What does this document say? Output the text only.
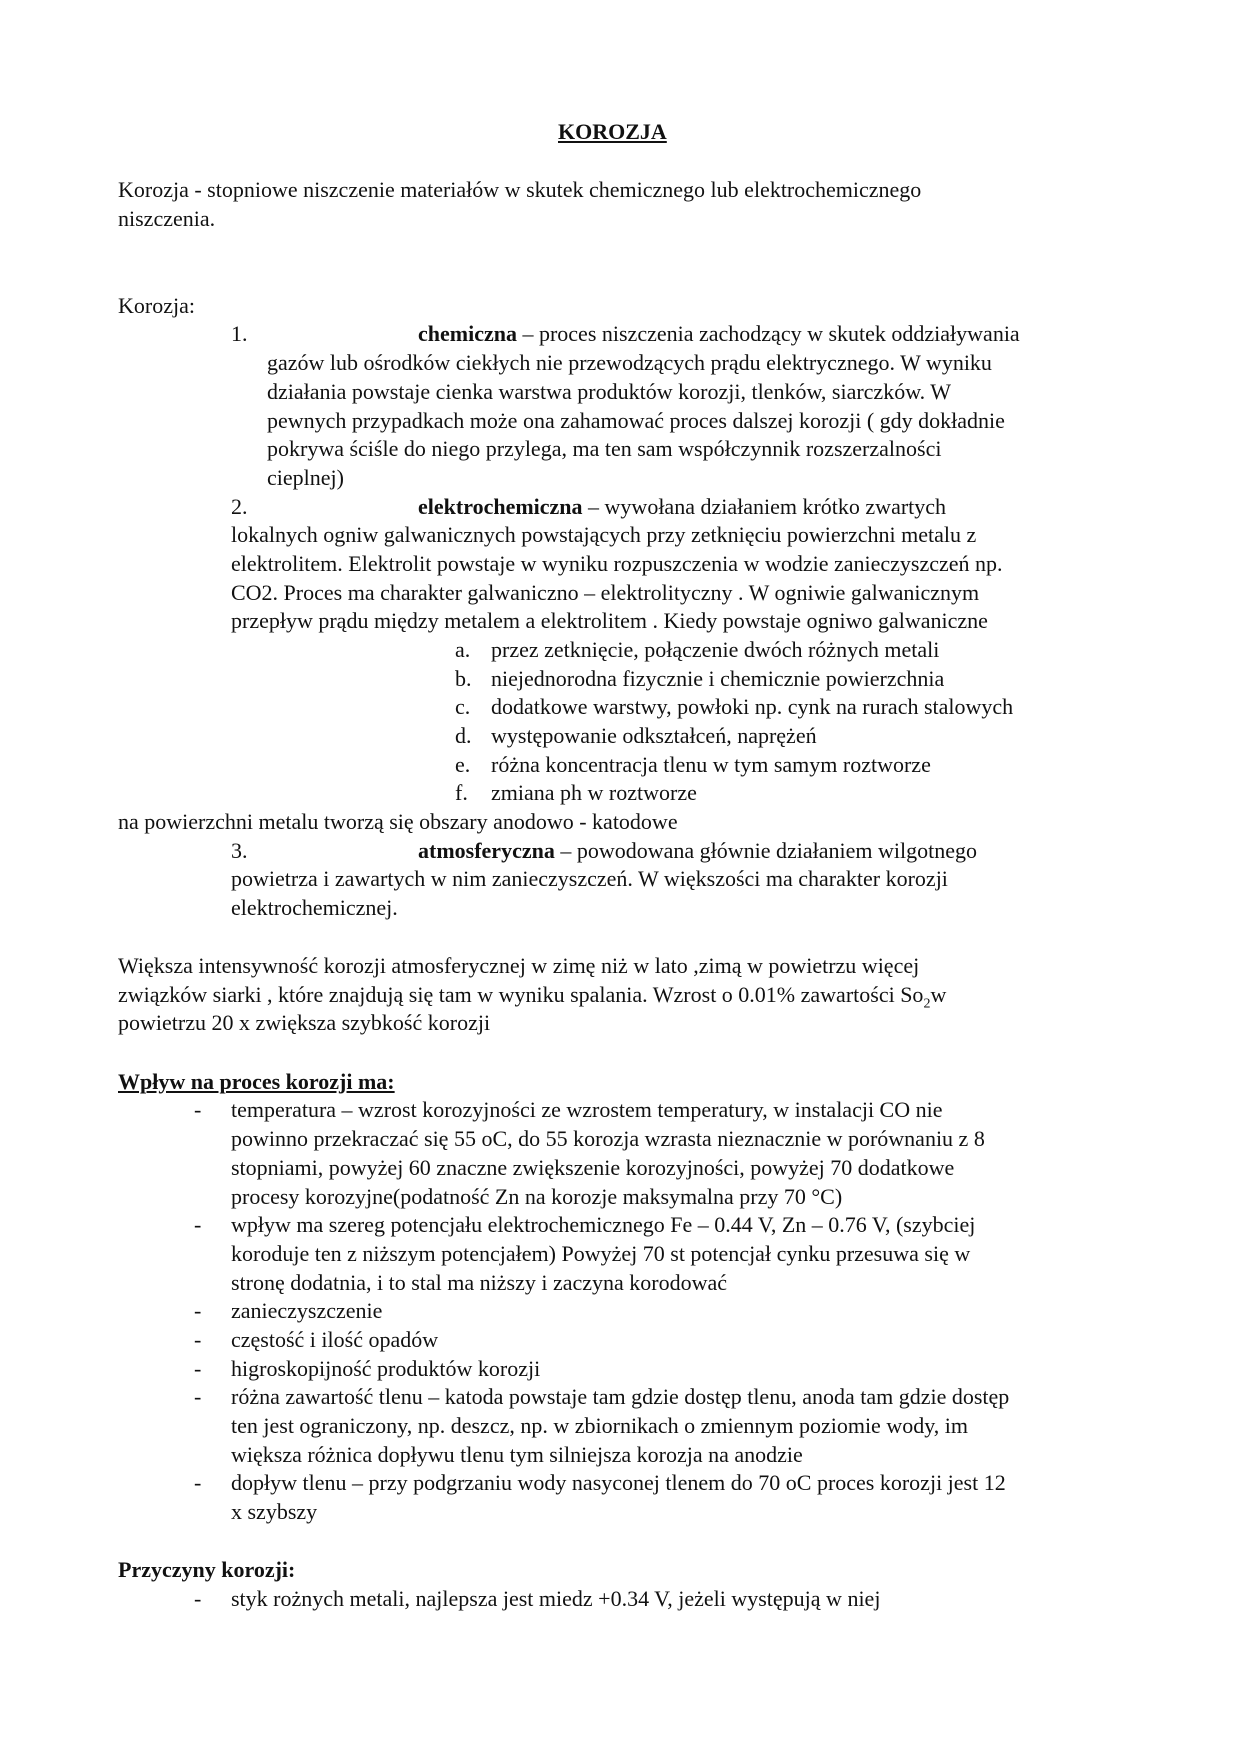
KOROZJA
Korozja - stopniowe niszczenie materiałów w skutek chemicznego lub elektrochemicznego
niszczenia.
Korozja:
1.	chemiczna – proces niszczenia zachodzący w skutek oddziaływania
gazów lub ośrodków ciekłych nie przewodzących prądu elektrycznego. W wyniku
działania powstaje cienka warstwa produktów korozji, tlenków, siarczków. W
pewnych przypadkach może ona zahamować proces dalszej korozji ( gdy dokładnie
pokrywa ściśle do niego przylega, ma ten sam współczynnik rozszerzalności
cieplnej)
2.	elektrochemiczna – wywołana działaniem krótko zwartych
lokalnych ogniw galwanicznych powstających przy zetknięciu powierzchni metalu z
elektrolitem. Elektrolit powstaje w wyniku rozpuszczenia w wodzie zanieczyszczeń np.
CO2. Proces ma charakter galwaniczno – elektrolityczny . W ogniwie galwanicznym
przepływ prądu między metalem a elektrolitem . Kiedy powstaje ogniwo galwaniczne
a. przez zetknięcie, połączenie dwóch różnych metali
b. niejednorodna fizycznie i chemicznie powierzchnia
c. dodatkowe warstwy, powłoki np. cynk na rurach stalowych
d. występowanie odkształceń, naprężeń
e. różna koncentracja tlenu w tym samym roztworze
f. zmiana ph w roztworze
na powierzchni metalu tworzą się obszary anodowo - katodowe
3.	atmosferyczna – powodowana głównie działaniem wilgotnego
powietrza i zawartych w nim zanieczyszczeń. W większości ma charakter korozji
elektrochemicznej.
Większa intensywność korozji atmosferycznej w zimę niż w lato ,zimą w powietrzu więcej
związków siarki , które znajdują się tam w wyniku spalania. Wzrost o 0.01% zawartości $So_2w$
powietrzu 20 x zwiększa szybkość korozji
Wpływ na proces korozji ma:
- temperatura – wzrost korozyjności ze wzrostem temperatury, w instalacji CO nie
powinno przekraczać się 55 oC, do 55 korozja wzrasta nieznacznie w porównaniu z 8
stopniami, powyżej 60 znaczne zwiększenie korozyjności, powyżej 70 dodatkowe
procesy korozyjne(podatność Zn na korozje maksymalna przy 70 °C)
- wpływ ma szereg potencjału elektrochemicznego Fe – 0.44 V, Zn – 0.76 V, (szybciej
koroduje ten z niższym potencjałem) Powyżej 70 st potencjał cynku przesuwa się w
stronę dodatnia, i to stal ma niższy i zaczyna korodować
- zanieczyszczenie
- częstość i ilość opadów
- higroskopijność produktów korozji
- różna zawartość tlenu – katoda powstaje tam gdzie dostęp tlenu, anoda tam gdzie dostęp
ten jest ograniczony, np. deszcz, np. w zbiornikach o zmiennym poziomie wody, im
większa różnica dopływu tlenu tym silniejsza korozja na anodzie
- dopływ tlenu – przy podgrzaniu wody nasyconej tlenem do 70 oC proces korozji jest 12
x szybszy
Przyczyny korozji:
- styk rożnych metali, najlepsza jest miedz +0.34 V, jeżeli występują w niej
